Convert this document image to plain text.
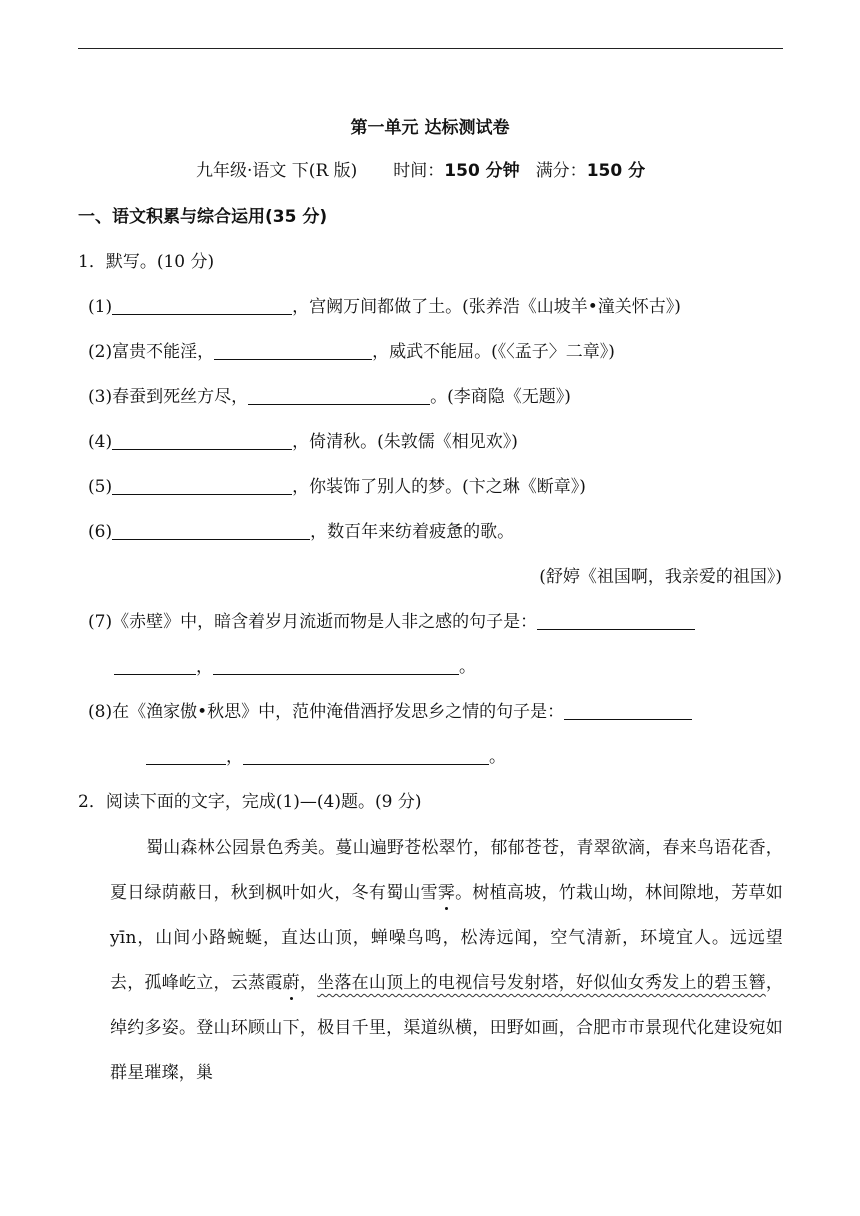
第一单元 达标测试卷
九年级·语文 下(R 版) 时间：150 分钟 满分：150 分
一、语文积累与综合运用(35 分)
1．默写。(10 分)
(1)	，宫阙万间都做了土。(张养浩《山坡羊•潼关怀古》)
(2)富贵不能淫，	，威武不能屈。(《〈孟子〉二章》)
(3)春蚕到死丝方尽，	。(李商隐《无题》)
(4)	，倚清秋。(朱敦儒《相见欢》)
(5)	，你装饰了别人的梦。(卞之琳《断章》)
(6)	，数百年来纺着疲惫的歌。
(舒婷《祖国啊，我亲爱的祖国》)
(7)《赤壁》中，暗含着岁月流逝而物是人非之感的句子是：
，	。
(8)在《渔家傲•秋思》中，范仲淹借酒抒发思乡之情的句子是：
，	。
2．阅读下面的文字，完成(1)—(4)题。(9 分)
蜀山森林公园景色秀美。蔓山遍野苍松翠竹，郁郁苍苍，青翠欲滴，春来鸟语花香，夏日绿荫蔽日，秋到枫叶如火，冬有蜀山雪霁。树植高坡，竹栽山坳，林间隙地，芳草如 yīn，山间小路蜿蜒，直达山顶，蝉噪鸟鸣，松涛远闻，空气清新，环境宜人。远远望去，孤峰屹立，云蒸霞蔚，坐落在山顶上的电视信号发射塔，好似仙女秀发上的碧玉簪，绰约多姿。登山环顾山下，极目千里，渠道纵横，田野如画，合肥市市景现代化建设宛如群星璀璨，巢
